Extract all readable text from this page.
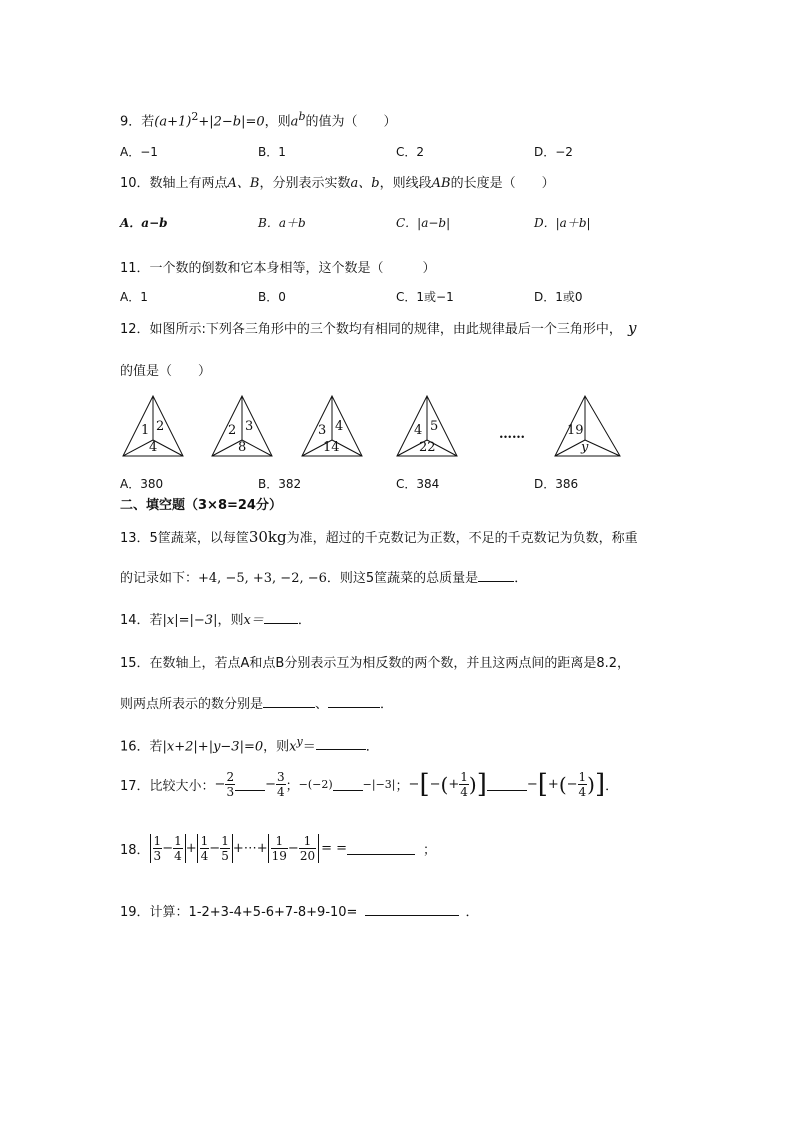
9．若$(a+1)^2+|2-b|=0$，则$a^b$的值为（　　）
A．−1	B．1	C．2	D．−2
10．数轴上有两点A、B，分别表示实数a、b，则线段AB的长度是（　　）
A．a−b	B．a＋b	C．|a−b|	D．|a＋b|
11．一个数的倒数和它本身相等，这个数是（　　　）
A．1	B．0	C．1或−1	D．1或0
12．如图所示:下列各三角形中的三个数均有相同的规律，由此规律最后一个三角形中， y
的值是（　　）
1 2
4
2 3
8
3 4
14
4 5
22
……	19
y
A．380	B．382	C．384	D．386
二、填空题（3×8=24分）
13．5筐蔬菜，以每筐30kg为准，超过的千克数记为正数，不足的千克数记为负数，称重
的记录如下：+4, −5, +3, −2, −6．则这5筐蔬菜的总质量是	．
14．若|x|=|−3|，则x＝	．
15．在数轴上，若点A和点B分别表示互为相反数的两个数，并且这两点间的距离是8.2，
则两点所表示的数分别是	、	．
16．若|x+2|+|y−3|=0，则$x^y=$	．
17．比较大小：− $\frac{2}{3} - \frac{3}{4}$ ；−(−2)	−|−3|；−[−(+ $\frac{1}{4}$ )]	−[+(− $\frac{1}{4}$ )]．
18． $\frac{1}{3} - \frac{1}{4} + \frac{1}{4} - \frac{1}{5}$ +⋯+ $\frac{1}{19} - \frac{1}{20}$ = =	；
19．计算：1-2+3-4+5-6+7-8+9-10=	．
